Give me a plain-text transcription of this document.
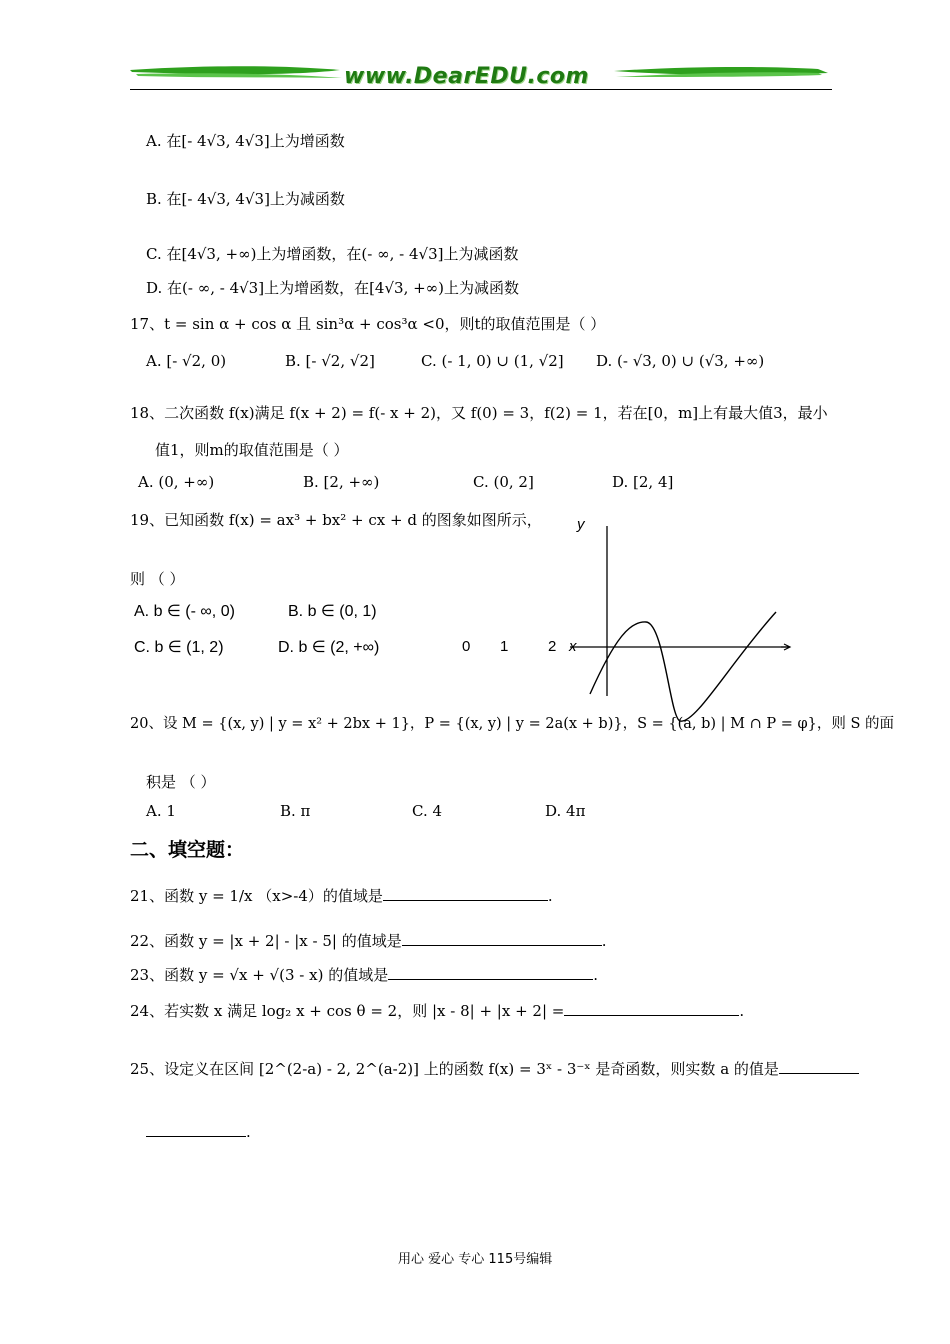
www.DearEDU.com
A. 在[- 4√3, 4√3]上为增函数
B. 在[- 4√3, 4√3]上为减函数
C. 在[4√3, +∞)上为增函数，在(- ∞, - 4√3]上为减函数
D. 在(- ∞, - 4√3]上为增函数，在[4√3, +∞)上为减函数
17、t = sin α + cos α 且 sin³α + cos³α <0，则t的取值范围是（ ）
A. [- √2, 0)	B. [- √2, √2]	C. (- 1, 0) ∪ (1, √2] D. (- √3, 0) ∪ (√3, +∞)
18、二次函数 f(x)满足 f(x + 2) = f(- x + 2)，又 f(0) = 3，f(2) = 1，若在[0，m]上有最大值3，最小
值1，则m的取值范围是（ ）
A. (0, +∞)	B. [2, +∞)	C. (0, 2]	D. [2, 4]
19、已知函数 f(x) = ax³ + bx² + cx + d 的图象如图所示，
则 （ ）
A. b ∈ (- ∞, 0)	B. b ∈ (0, 1)
C. b ∈ (1, 2)	D. b ∈ (2, +∞)
y
0 1	2 x
20、设 M = {(x, y) | y = x² + 2bx + 1}，P = {(x, y) | y = 2a(x + b)}，S = {(a, b) | M ∩ P = φ}，则 S 的面
积是 （ ）
A. 1	B. π	C. 4	D. 4π
二、填空题：
21、函数 y = 1/x （x>-4）的值域是	.
22、函数 y = |x + 2| - |x - 5| 的值域是	.
23、函数 y = √x + √(3 - x) 的值域是	.
24、若实数 x 满足 log₂ x + cos θ = 2，则 |x - 8| + |x + 2| =	.
25、设定义在区间 [2^(2-a) - 2, 2^(a-2)] 上的函数 f(x) = 3ˣ - 3⁻ˣ 是奇函数，则实数 a 的值是
.
用心 爱心 专心 115号编辑
